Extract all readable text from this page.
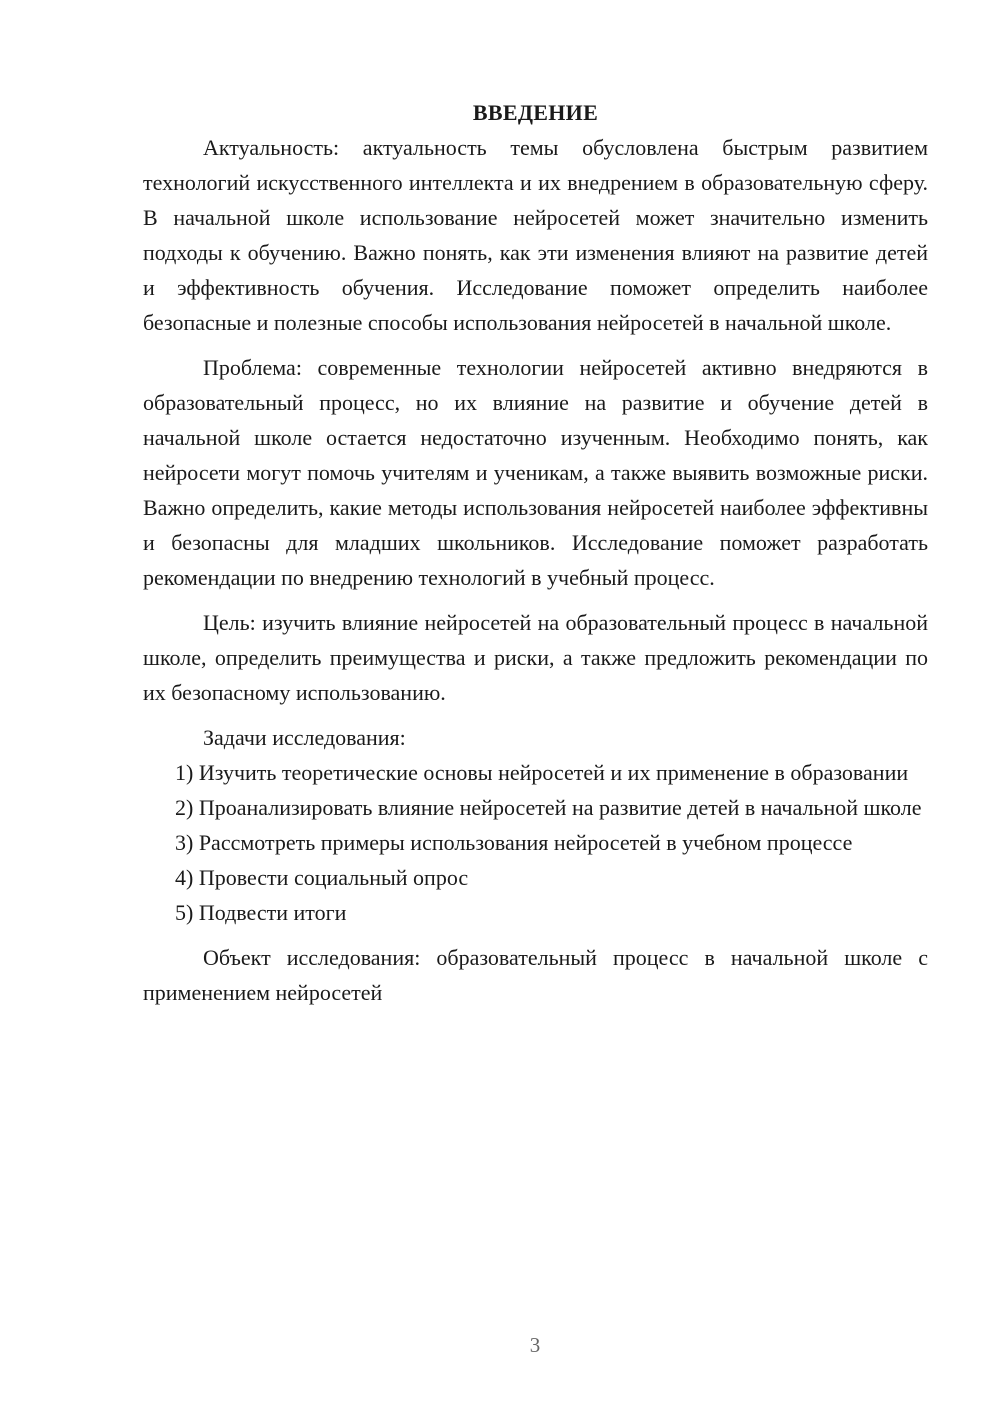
ВВЕДЕНИЕ

Актуальность: актуальность темы обусловлена быстрым развитием технологий искусственного интеллекта и их внедрением в образовательную сферу. В начальной школе использование нейросетей может значительно изменить подходы к обучению. Важно понять, как эти изменения влияют на развитие детей и эффективность обучения. Исследование поможет определить наиболее безопасные и полезные способы использования нейросетей в начальной школе.

Проблема: современные технологии нейросетей активно внедряются в образовательный процесс, но их влияние на развитие и обучение детей в начальной школе остается недостаточно изученным. Необходимо понять, как нейросети могут помочь учителям и ученикам, а также выявить возможные риски. Важно определить, какие методы использования нейросетей наиболее эффективны и безопасны для младших школьников. Исследование поможет разработать рекомендации по внедрению технологий в учебный процесс.

Цель: изучить влияние нейросетей на образовательный процесс в начальной школе, определить преимущества и риски, а также предложить рекомендации по их безопасному использованию.

Задачи исследования:

1) Изучить теоретические основы нейросетей и их применение в образовании

2) Проанализировать влияние нейросетей на развитие детей в начальной школе

3) Рассмотреть примеры использования нейросетей в учебном процессе

4) Провести социальный опрос

5) Подвести итоги

Объект исследования: образовательный процесс в начальной школе с применением нейросетей

3
